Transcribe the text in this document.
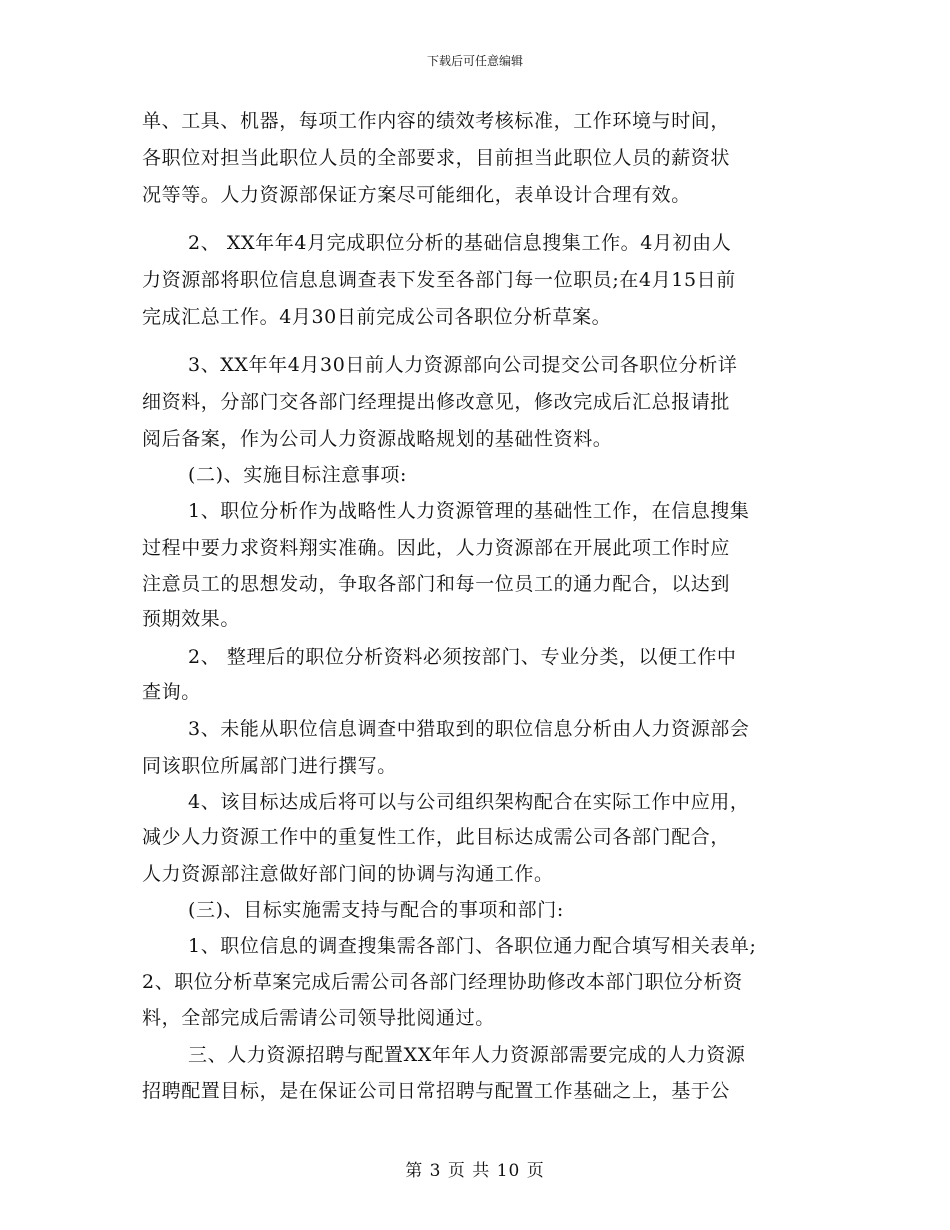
下载后可任意编辑
单、工具、机器，每项工作内容的绩效考核标准，工作环境与时间，
各职位对担当此职位人员的全部要求，目前担当此职位人员的薪资状
况等等。人力资源部保证方案尽可能细化，表单设计合理有效。
2、 XX年年4月完成职位分析的基础信息搜集工作。4月初由人
力资源部将职位信息息调查表下发至各部门每一位职员;在4月15日前
完成汇总工作。4月30日前完成公司各职位分析草案。
3、XX年年4月30日前人力资源部向公司提交公司各职位分析详
细资料，分部门交各部门经理提出修改意见，修改完成后汇总报请批
阅后备案，作为公司人力资源战略规划的基础性资料。
(二)、实施目标注意事项:
1、职位分析作为战略性人力资源管理的基础性工作，在信息搜集
过程中要力求资料翔实准确。因此，人力资源部在开展此项工作时应
注意员工的思想发动，争取各部门和每一位员工的通力配合，以达到
预期效果。
2、 整理后的职位分析资料必须按部门、专业分类，以便工作中
查询。
3、未能从职位信息调查中猎取到的职位信息分析由人力资源部会
同该职位所属部门进行撰写。
4、该目标达成后将可以与公司组织架构配合在实际工作中应用，
减少人力资源工作中的重复性工作，此目标达成需公司各部门配合，
人力资源部注意做好部门间的协调与沟通工作。
(三)、目标实施需支持与配合的事项和部门:
1、职位信息的调查搜集需各部门、各职位通力配合填写相关表单;
2、职位分析草案完成后需公司各部门经理协助修改本部门职位分析资
料，全部完成后需请公司领导批阅通过。
三、人力资源招聘与配置XX年年人力资源部需要完成的人力资源
招聘配置目标，是在保证公司日常招聘与配置工作基础之上，基于公
第 3 页 共 10 页
